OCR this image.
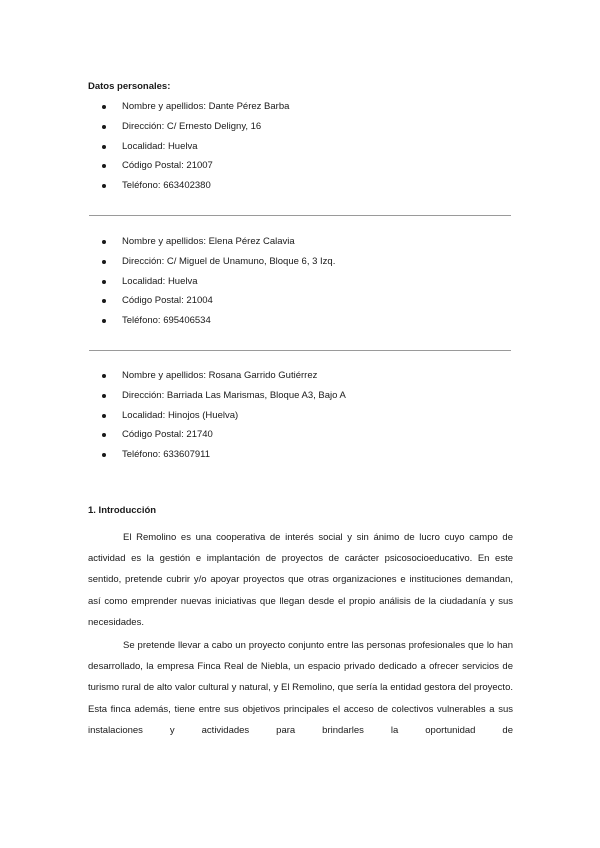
Datos personales:

Nombre y apellidos: Dante Pérez Barba
Dirección: C/ Ernesto Deligny, 16
Localidad: Huelva
Código Postal: 21007
Teléfono: 663402380
Nombre y apellidos: Elena Pérez Calavia
Dirección: C/ Miguel de Unamuno, Bloque 6, 3 Izq.
Localidad: Huelva
Código Postal: 21004
Teléfono: 695406534
Nombre y apellidos: Rosana Garrido Gutiérrez
Dirección: Barriada Las Marismas, Bloque A3, Bajo A
Localidad: Hinojos (Huelva)
Código Postal: 21740
Teléfono: 633607911

1. Introducción

El Remolino es una cooperativa de interés social y sin ánimo de lucro cuyo campo de actividad es la gestión e implantación de proyectos de carácter psicosocioeducativo. En este sentido, pretende cubrir y/o apoyar proyectos que otras organizaciones e instituciones demandan, así como emprender nuevas iniciativas que llegan desde el propio análisis de la ciudadanía y sus necesidades.

Se pretende llevar a cabo un proyecto conjunto entre las personas profesionales que lo han desarrollado, la empresa Finca Real de Niebla, un espacio privado dedicado a ofrecer servicios de turismo rural de alto valor cultural y natural, y El Remolino, que sería la entidad gestora del proyecto. Esta finca además, tiene entre sus objetivos principales el acceso de colectivos vulnerables a sus instalaciones y actividades para brindarles la oportunidad de
